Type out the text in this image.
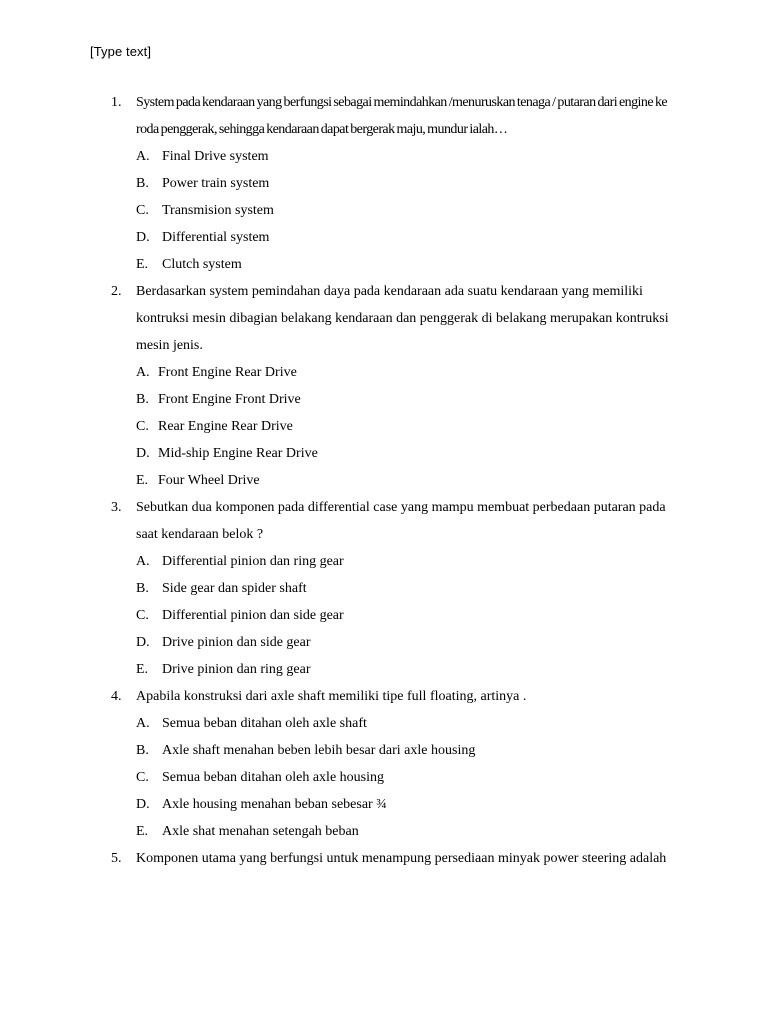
[Type text]
1. System pada kendaraan yang berfungsi sebagai memindahkan /menuruskan tenaga / putaran dari engine ke roda penggerak, sehingga kendaraan dapat bergerak maju, mundur ialah…
A. Final Drive system
B. Power train system
C. Transmision system
D. Differential system
E. Clutch system
2. Berdasarkan system pemindahan daya pada kendaraan ada suatu kendaraan yang memiliki kontruksi mesin dibagian belakang kendaraan dan penggerak di belakang merupakan kontruksi mesin jenis.
A. Front Engine Rear Drive
B. Front Engine Front Drive
C. Rear Engine Rear Drive
D. Mid-ship Engine Rear Drive
E. Four Wheel Drive
3. Sebutkan dua komponen pada differential case yang mampu membuat perbedaan putaran pada saat kendaraan belok ?
A. Differential pinion dan ring gear
B. Side gear dan spider shaft
C. Differential pinion dan side gear
D. Drive pinion dan side gear
E. Drive pinion dan ring gear
4. Apabila konstruksi dari axle shaft memiliki tipe full floating, artinya .
A. Semua beban ditahan oleh axle shaft
B. Axle shaft menahan beben lebih besar dari axle housing
C. Semua beban ditahan oleh axle housing
D. Axle housing menahan beban sebesar ¾
E. Axle shat menahan setengah beban
5. Komponen utama yang berfungsi untuk menampung persediaan minyak power steering adalah
